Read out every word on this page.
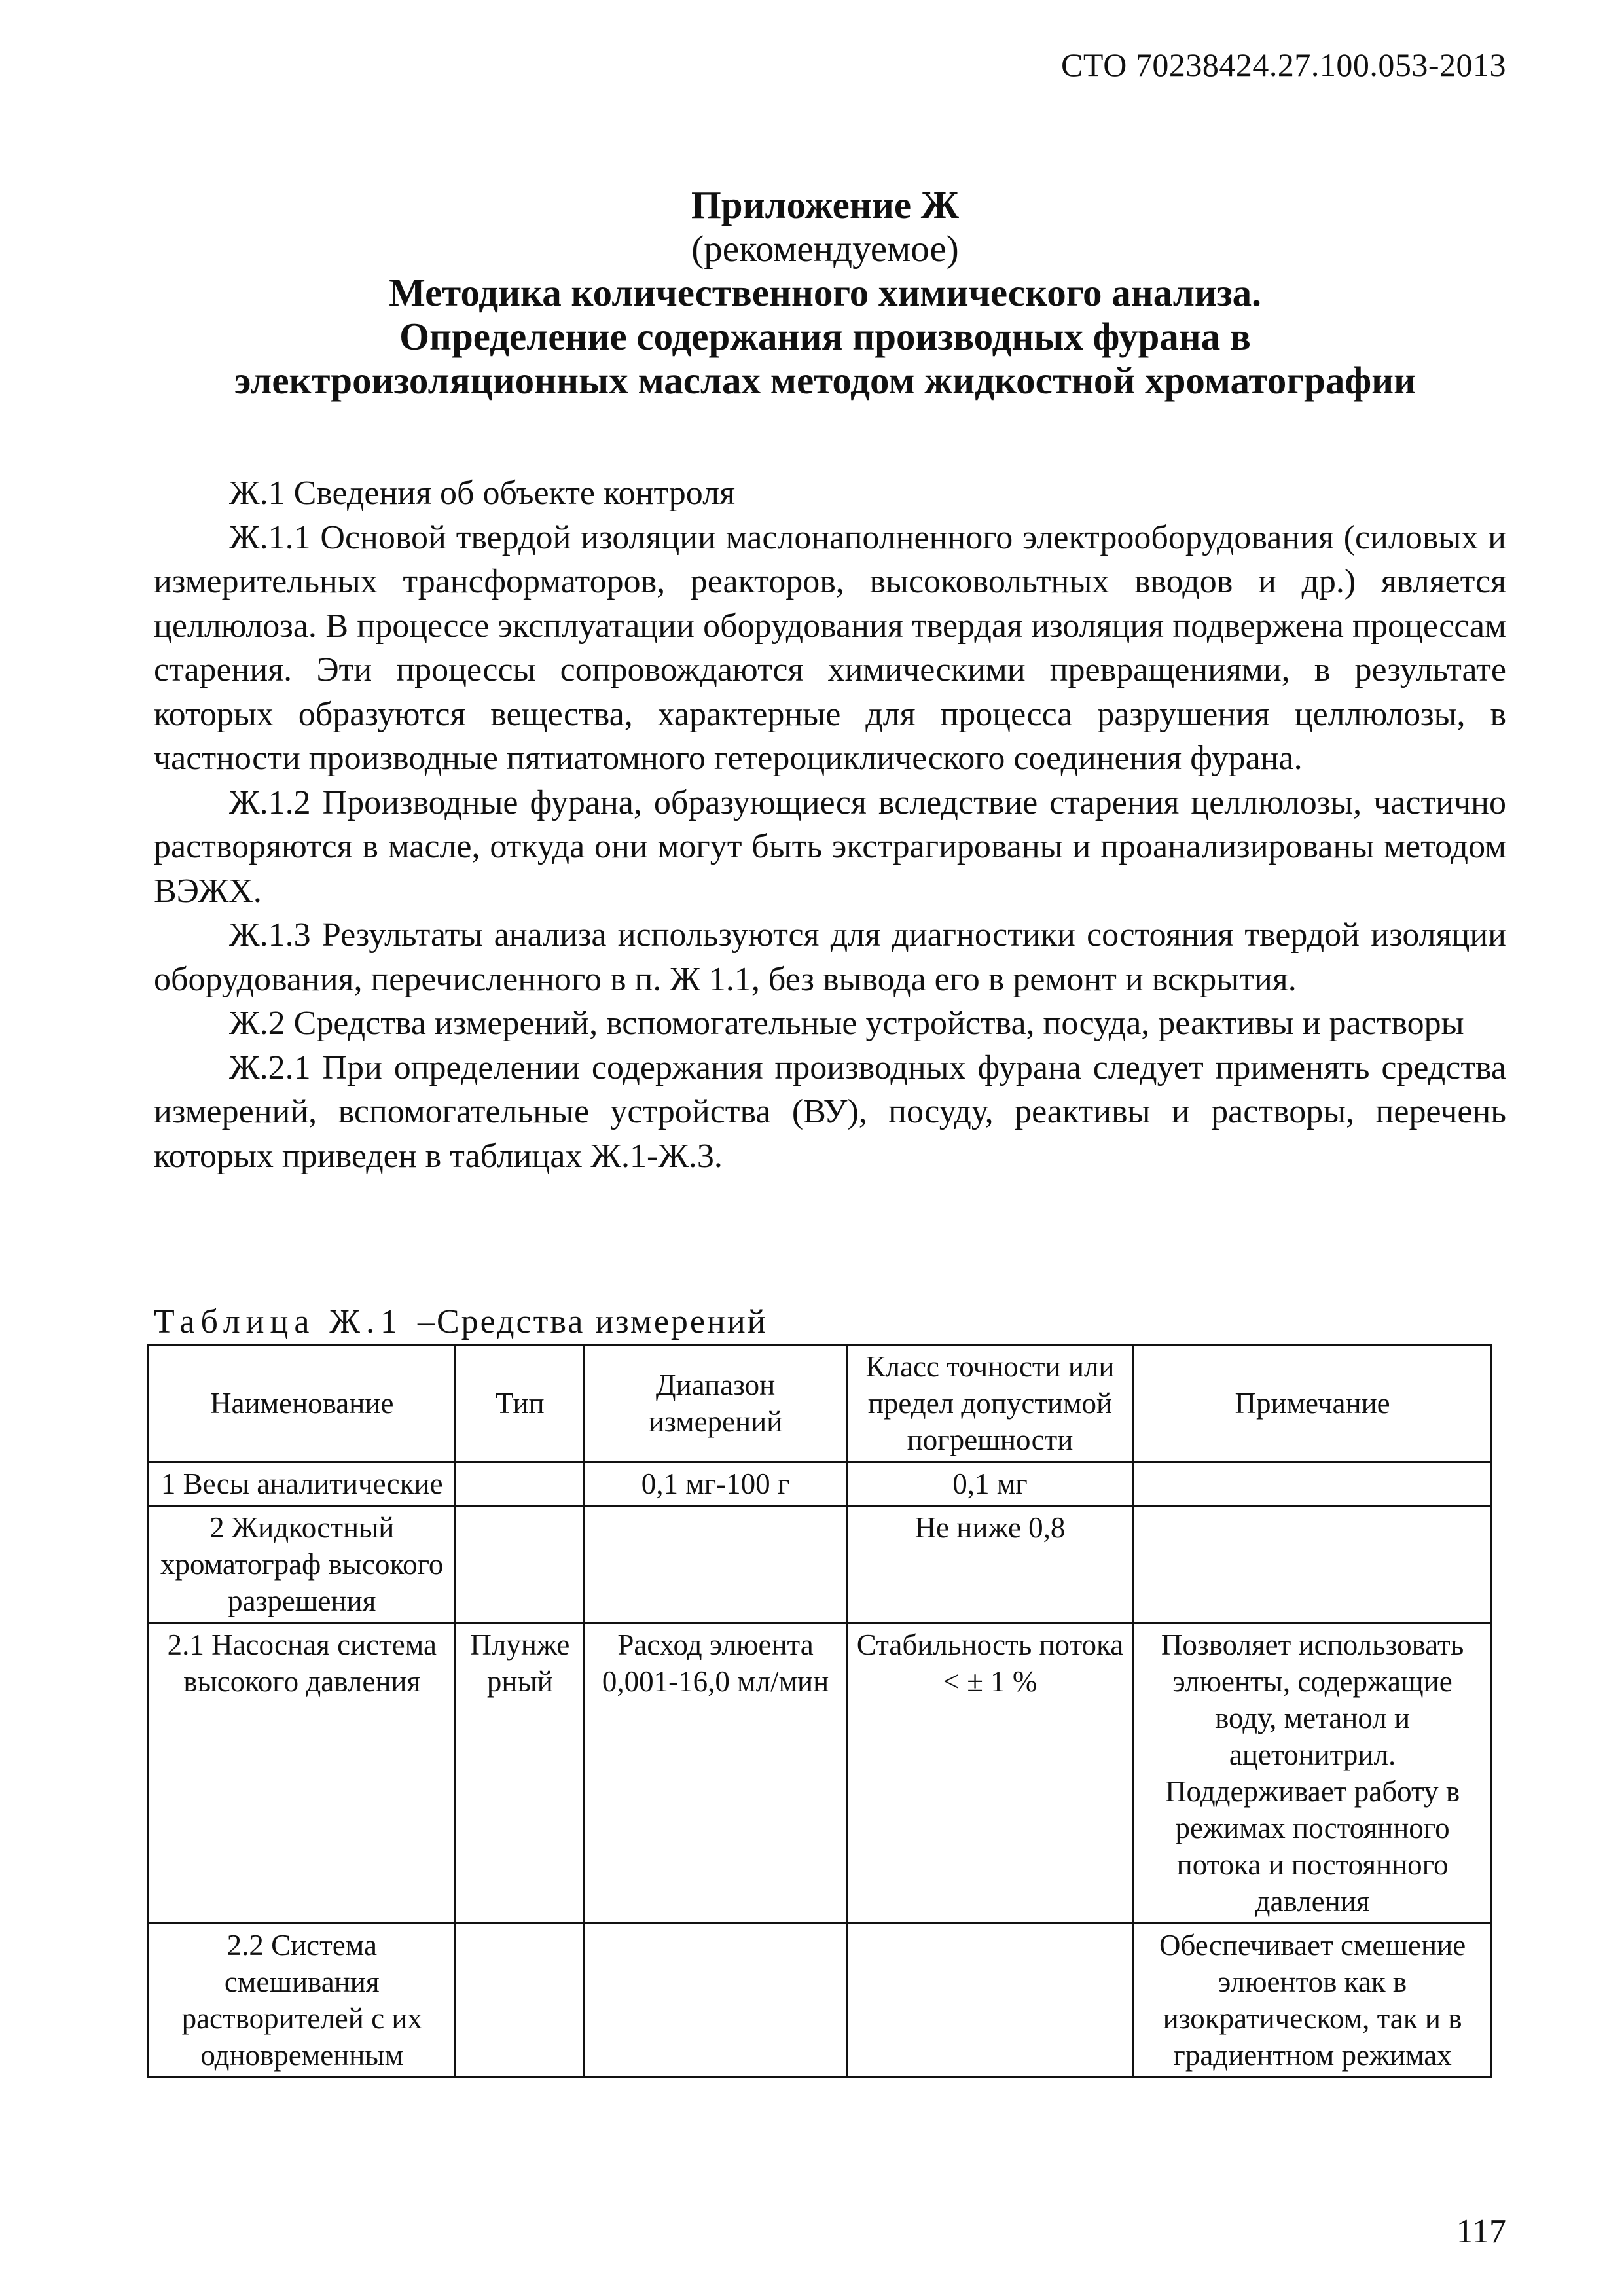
СТО 70238424.27.100.053-2013
Приложение Ж
(рекомендуемое)
Методика количественного химического анализа.
Определение содержания производных фурана в
электроизоляционных маслах методом жидкостной хроматографии

Ж.1 Сведения об объекте контроля

Ж.1.1 Основой твердой изоляции маслонаполненного электрооборудования (силовых и измерительных трансформаторов, реакторов, высоковольтных вводов и др.) является целлюлоза. В процессе эксплуатации оборудования твердая изоляция подвержена процессам старения. Эти процессы сопровождаются химическими превращениями, в результате которых образуются вещества, характерные для процесса разрушения целлюлозы, в частности производные пятиатомного гетероциклического соединения фурана.

Ж.1.2 Производные фурана, образующиеся вследствие старения целлюлозы, частично растворяются в масле, откуда они могут быть экстрагированы и проанализированы методом ВЭЖХ.

Ж.1.3 Результаты анализа используются для диагностики состояния твердой изоляции оборудования, перечисленного в п. Ж 1.1, без вывода его в ремонт и вскрытия.

Ж.2 Средства измерений, вспомогательные устройства, посуда, реактивы и растворы

Ж.2.1 При определении содержания производных фурана следует применять средства измерений, вспомогательные устройства (ВУ), посуду, реактивы и растворы, перечень которых приведен в таблицах Ж.1-Ж.3.

Таблица Ж.1 –Средства измерений
Наименование	Тип	Диапазон измерений	Класс точности или предел допустимой погрешности	Примечание
1 Весы аналитические		0,1 мг-100 г	0,1 мг	
2 Жидкостный хроматограф высокого разрешения			Не ниже 0,8	
2.1 Насосная система высокого давления	Плунже рный	Расход элюента 0,001-16,0 мл/мин	Стабильность потока < ± 1 %	Позволяет использовать элюенты, содержащие воду, метанол и ацетонитрил. Поддерживает работу в режимах постоянного потока и постоянного давления
2.2 Система смешивания растворителей с их одновременным				Обеспечивает смешение элюентов как в изократическом, так и в градиентном режимах
117
